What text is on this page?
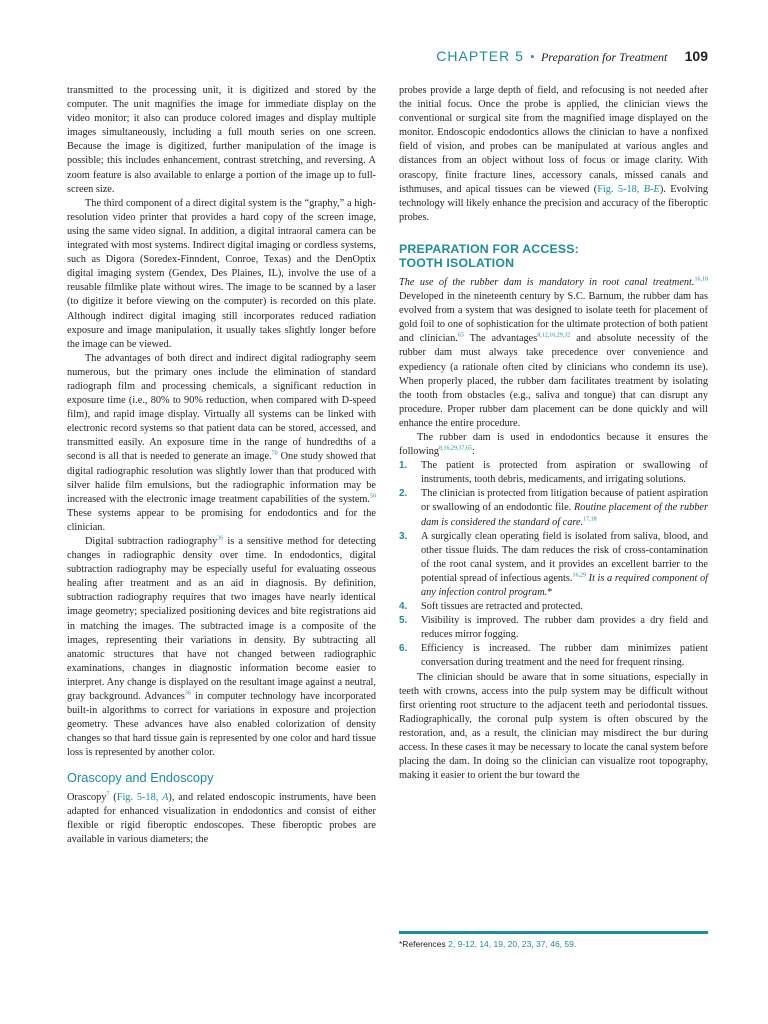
CHAPTER 5 • Preparation for Treatment 109

transmitted to the processing unit, it is digitized and stored by the computer. The unit magnifies the image for immediate display on the video monitor; it also can produce colored images and display multiple images simultaneously, including a full mouth series on one screen. Because the image is digitized, further manipulation of the image is possible; this includes enhancement, contrast stretching, and reversing. A zoom feature is also available to enlarge a portion of the image up to full-screen size.

The third component of a direct digital system is the “graphy,” a high-resolution video printer that provides a hard copy of the screen image, using the same video signal. In addition, a digital intraoral camera can be integrated with most systems. Indirect digital imaging or cordless systems, such as Digora (Soredex-Finndent, Conroe, Texas) and the DenOptix digital imaging system (Gendex, Des Plaines, IL), involve the use of a reusable filmlike plate without wires. The image to be scanned by a laser (to digitize it before viewing on the computer) is recorded on this plate. Although indirect digital imaging still incorporates reduced radiation exposure and image manipulation, it usually takes slightly longer before the image can be viewed.

The advantages of both direct and indirect digital radiography seem numerous, but the primary ones include the elimination of standard radiograph film and processing chemicals, a significant reduction in exposure time (i.e., 80% to 90% reduction, when compared with D-speed film), and rapid image display. Virtually all systems can be linked with electronic record systems so that patient data can be stored, accessed, and transmitted easily. An exposure time in the range of hundredths of a second is all that is needed to generate an image.$^{70}$ One study showed that digital radiographic resolution was slightly lower than that produced with silver halide film emulsions, but the radiographic information may be increased with the electronic image treatment capabilities of the system.$^{50}$ These systems appear to be promising for endodontics and for the clinician.

Digital subtraction radiography$^{36}$ is a sensitive method for detecting changes in radiographic density over time. In endodontics, digital subtraction radiography may be especially useful for evaluating osseous healing after treatment and as an aid in diagnosis. By definition, subtraction radiography requires that two images have nearly identical image geometry; specialized positioning devices and bite registrations aid in matching the images. The subtracted image is a composite of the images, representing their variations in density. By subtracting all anatomic structures that have not changed between radiographic examinations, changes in diagnostic information become easier to interpret. Any change is displayed on the resultant image against a neutral, gray background. Advances$^{36}$ in computer technology have incorporated built-in algorithms to correct for variations in exposure and projection geometry. These advances have also enabled colorization of density changes so that hard tissue gain is represented by one color and hard tissue loss is represented by another color.

Orascopy and Endoscopy

Orascopy$^7$ (Fig. 5-18, A), and related endoscopic instruments, have been adapted for enhanced visualization in endodontics and consist of either flexible or rigid fiberoptic endoscopes. These fiberoptic probes are available in various diameters; the

probes provide a large depth of field, and refocusing is not needed after the initial focus. Once the probe is applied, the clinician views the conventional or surgical site from the magnified image displayed on the monitor. Endoscopic endodontics allows the clinician to have a nonfixed field of vision, and probes can be manipulated at various angles and distances from an object without loss of focus or image clarity. With orascopy, finite fracture lines, accessory canals, missed canals and isthmuses, and apical tissues can be viewed (Fig. 5-18, B-E). Evolving technology will likely enhance the precision and accuracy of the fiberoptic probes.

PREPARATION FOR ACCESS:
TOOTH ISOLATION

The use of the rubber dam is mandatory in root canal treatment.$^{16,18}$ Developed in the nineteenth century by S.C. Barnum, the rubber dam has evolved from a system that was designed to isolate teeth for placement of gold foil to one of sophistication for the ultimate protection of both patient and clinician.$^{65}$ The advantages$^{8,12,16,29,32}$ and absolute necessity of the rubber dam must always take precedence over convenience and expediency (a rationale often cited by clinicians who condemn its use). When properly placed, the rubber dam facilitates treatment by isolating the tooth from obstacles (e.g., saliva and tongue) that can disrupt any procedure. Proper rubber dam placement can be done quickly and will enhance the entire procedure.

The rubber dam is used in endodontics because it ensures the following$^{8,16,29,37,65}$:

1. The patient is protected from aspiration or swallowing of instruments, tooth debris, medicaments, and irrigating solutions.
2. The clinician is protected from litigation because of patient aspiration or swallowing of an endodontic file. Routine placement of the rubber dam is considered the standard of care.$^{17,18}$
3. A surgically clean operating field is isolated from saliva, blood, and other tissue fluids. The dam reduces the risk of cross-contamination of the root canal system, and it provides an excellent barrier to the potential spread of infectious agents.$^{16,29}$ It is a required component of any infection control program.*
4. Soft tissues are retracted and protected.
5. Visibility is improved. The rubber dam provides a dry field and reduces mirror fogging.
6. Efficiency is increased. The rubber dam minimizes patient conversation during treatment and the need for frequent rinsing.

The clinician should be aware that in some situations, especially in teeth with crowns, access into the pulp system may be difficult without first orienting root structure to the adjacent teeth and periodontal tissues. Radiographically, the coronal pulp system is often obscured by the restoration, and, as a result, the clinician may misdirect the bur during access. In these cases it may be necessary to locate the canal system before placing the dam. In doing so the clinician can visualize root topography, making it easier to orient the bur toward the

*References 2, 9-12, 14, 19, 20, 23, 37, 46, 59.
